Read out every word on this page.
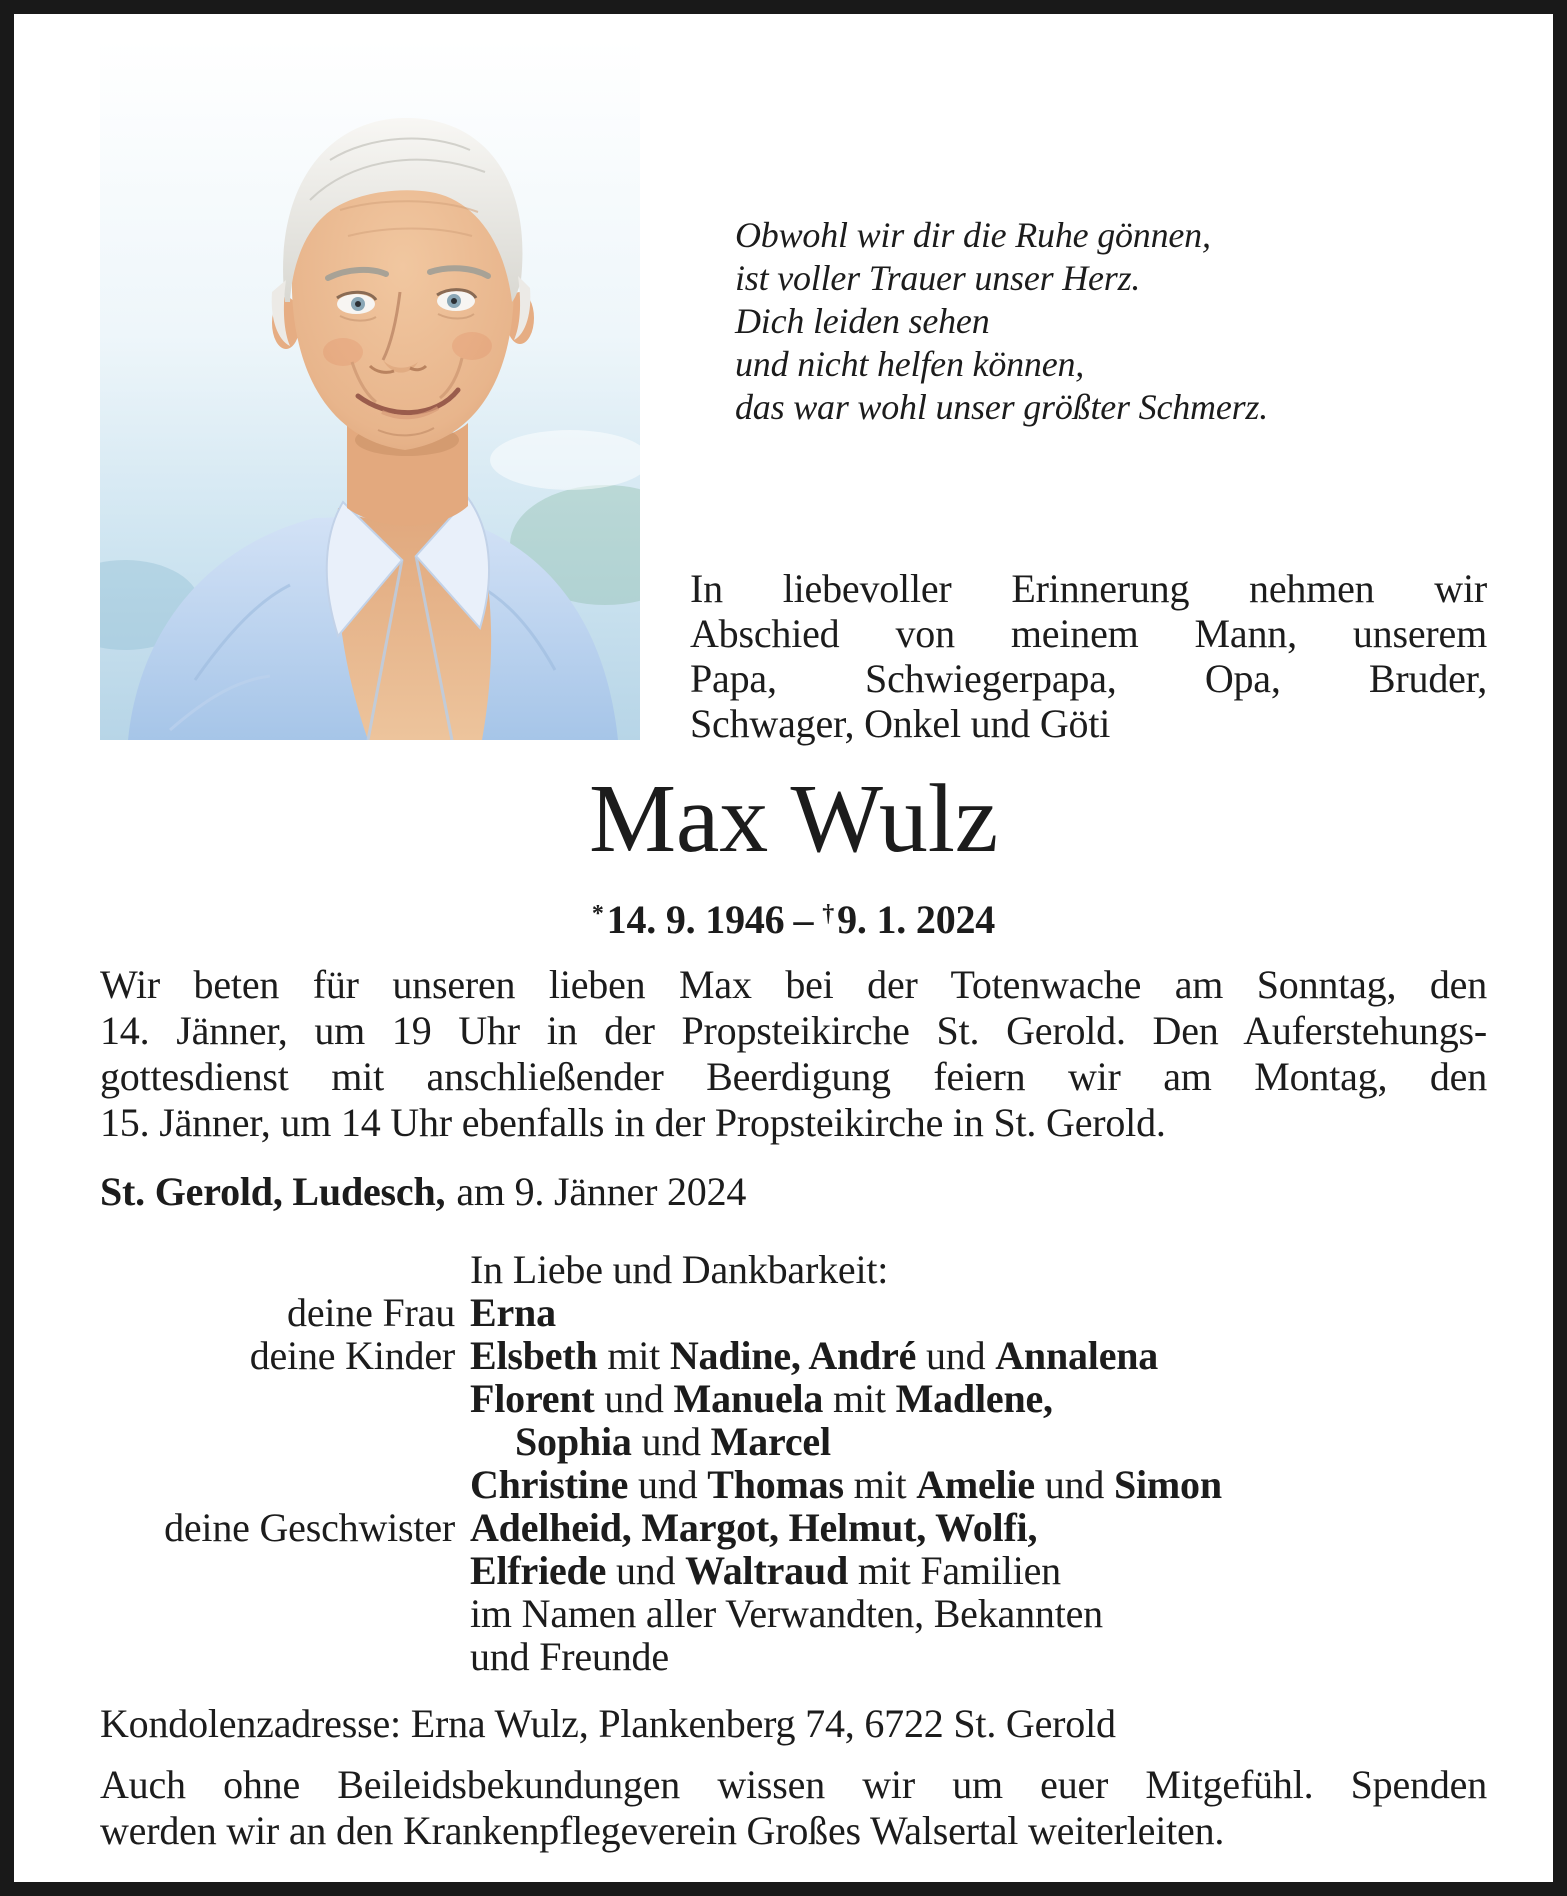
Obwohl wir dir die Ruhe gönnen,
ist voller Trauer unser Herz.
Dich leiden sehen
und nicht helfen können,
das war wohl unser größter Schmerz.
In liebevoller Erinnerung nehmen wir
Abschied von meinem Mann, unserem
Papa, Schwiegerpapa, Opa, Bruder,
Schwager, Onkel und Göti
Max Wulz
*14. 9. 1946 – †9. 1. 2024
Wir beten für unseren lieben Max bei der Totenwache am Sonntag, den
14. Jänner, um 19 Uhr in der Propsteikirche St. Gerold. Den Auferstehungs-
gottesdienst mit anschließender Beerdigung feiern wir am Montag, den
15. Jänner, um 14 Uhr ebenfalls in der Propsteikirche in St. Gerold.
St. Gerold, Ludesch, am 9. Jänner 2024
In Liebe und Dankbarkeit:
deine Frau Erna
deine Kinder Elsbeth mit Nadine, André und Annalena
Florent und Manuela mit Madlene,
Sophia und Marcel
Christine und Thomas mit Amelie und Simon
deine Geschwister Adelheid, Margot, Helmut, Wolfi,
Elfriede und Waltraud mit Familien
im Namen aller Verwandten, Bekannten
und Freunde
Kondolenzadresse: Erna Wulz, Plankenberg 74, 6722 St. Gerold
Auch ohne Beileidsbekundungen wissen wir um euer Mitgefühl. Spenden
werden wir an den Krankenpflegeverein Großes Walsertal weiterleiten.
